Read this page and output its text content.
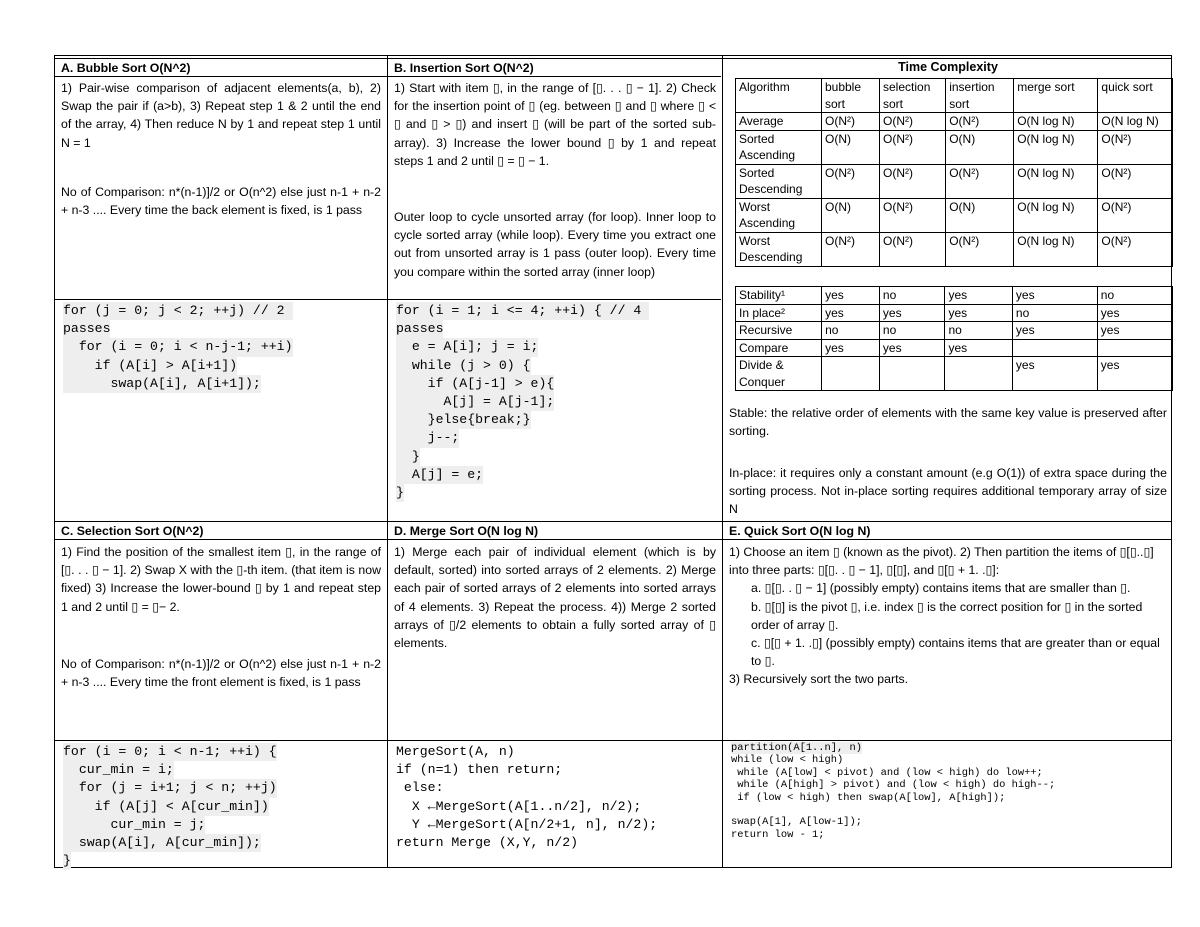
A. Bubble Sort O(N^2)
1) Pair-wise comparison of adjacent elements(a, b), 2) Swap the pair if (a>b), 3) Repeat step 1 & 2 until the end of the array, 4) Then reduce N by 1 and repeat step 1 until N = 1
No of Comparison: n*(n-1)]/2 or O(n^2) else just n-1 + n-2 + n-3 .... Every time the back element is fixed, is 1 pass
for (j = 0; j < 2; ++j) // 2
passes
for (i = 0; i < n-j-1; ++i)
if (A[i] > A[i+1])
swap(A[i], A[i+1]);
B. Insertion Sort O(N^2)
1) Start with item ▯, in the range of [▯. . . ▯ − 1]. 2) Check for the insertion point of ▯ (eg. between ▯ and ▯ where ▯ < ▯ and ▯ > ▯) and insert ▯ (will be part of the sorted sub-array). 3) Increase the lower bound ▯ by 1 and repeat steps 1 and 2 until ▯ = ▯ − 1.
Outer loop to cycle unsorted array (for loop). Inner loop to cycle sorted array (while loop). Every time you extract one out from unsorted array is 1 pass (outer loop). Every time you compare within the sorted array (inner loop)
for (i = 1; i <= 4; ++i) { // 4
passes
e = A[i]; j = i;
while (j > 0) {
if (A[j-1] > e){
A[j] = A[j-1];
}else{break;}
j--;
}
A[j] = e;
}
Time Complexity
Algorithm	bubble sort	selection sort	insertion sort	merge sort	quick sort
Average	O(N²)	O(N²)	O(N²)	O(N log N)	O(N log N)
Sorted Ascending	O(N)	O(N²)	O(N)	O(N log N)	O(N²)
Sorted Descending	O(N²)	O(N²)	O(N²)	O(N log N)	O(N²)
Worst Ascending	O(N)	O(N²)	O(N)	O(N log N)	O(N²)
Worst Descending	O(N²)	O(N²)	O(N²)	O(N log N)	O(N²)
Stability¹	yes	no	yes	yes	no
In place²	yes	yes	yes	no	yes
Recursive	no	no	no	yes	yes
Compare	yes	yes	yes		
Divide & Conquer				yes	yes
Stable: the relative order of elements with the same key value is preserved after sorting.
In-place: it requires only a constant amount (e.g O(1)) of extra space during the sorting process. Not in-place sorting requires additional temporary array of size N
C. Selection Sort O(N^2)
1) Find the position of the smallest item ▯, in the range of [▯. . . ▯ − 1]. 2) Swap X with the ▯-th item. (that item is now fixed) 3) Increase the lower-bound ▯ by 1 and repeat step 1 and 2 until ▯ = ▯− 2.
No of Comparison: n*(n-1)]/2 or O(n^2) else just n-1 + n-2 + n-3 .... Every time the front element is fixed, is 1 pass
for (i = 0; i < n-1; ++i) {
cur_min = i;
for (j = i+1; j < n; ++j)
if (A[j] < A[cur_min])
cur_min = j;
swap(A[i], A[cur_min]);
}
D. Merge Sort O(N log N)
1) Merge each pair of individual element (which is by default, sorted) into sorted arrays of 2 elements. 2) Merge each pair of sorted arrays of 2 elements into sorted arrays of 4 elements. 3) Repeat the process. 4)) Merge 2 sorted arrays of ▯/2 elements to obtain a fully sorted array of ▯ elements.
MergeSort(A, n)
if (n=1) then return;
else:
X ←MergeSort(A[1..n/2], n/2);
Y ←MergeSort(A[n/2+1, n], n/2);
return Merge (X,Y, n/2)
E. Quick Sort O(N log N)
1) Choose an item ▯ (known as the pivot). 2) Then partition the items of ▯[▯..▯] into three parts: ▯[▯. . ▯ − 1], ▯[▯], and ▯[▯ + 1. .▯]:
a. ▯[▯. . ▯ − 1] (possibly empty) contains items that are smaller than ▯.
b. ▯[▯] is the pivot ▯, i.e. index ▯ is the correct position for ▯ in the sorted order of array ▯.
c. ▯[▯ + 1. .▯] (possibly empty) contains items that are greater than or equal to ▯.
3) Recursively sort the two parts.
partition(A[1..n], n)
while (low < high)
while (A[low] < pivot) and (low < high) do low++;
while (A[high] > pivot) and (low < high) do high--;
if (low < high) then swap(A[low], A[high]);

swap(A[1], A[low-1]);
return low - 1;
